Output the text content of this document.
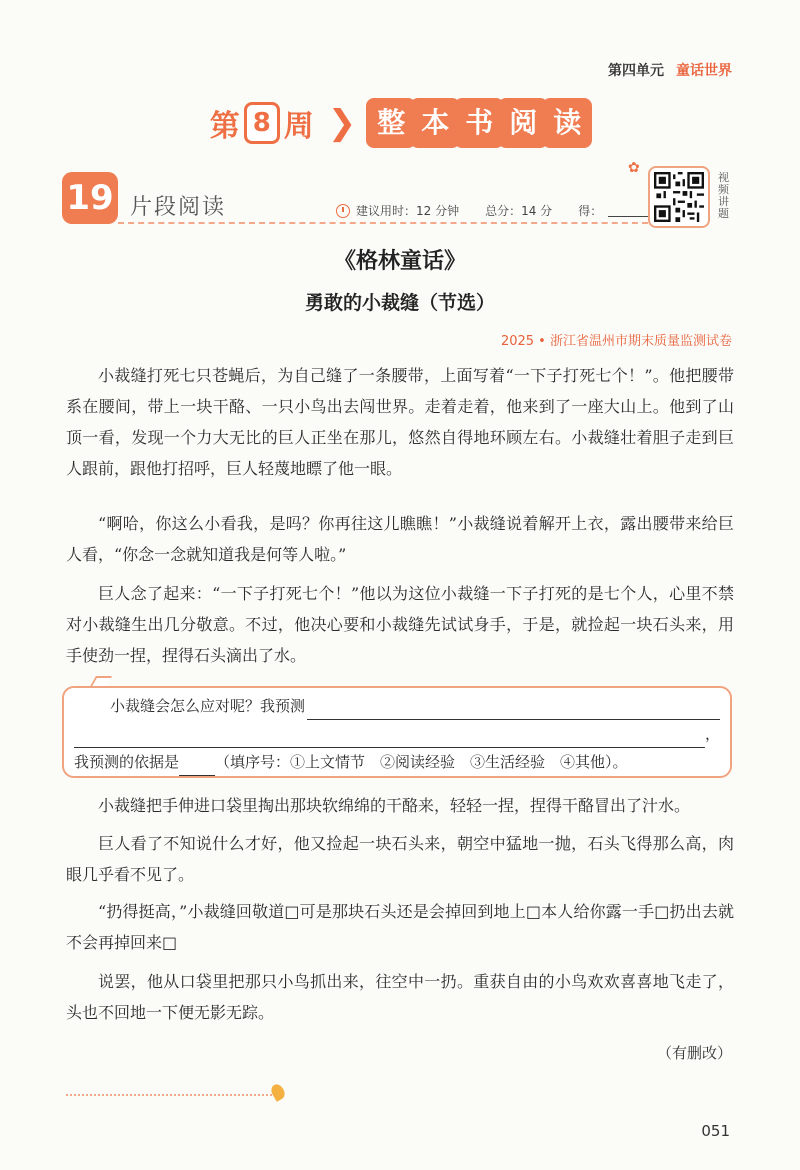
第四单元 童话世界
第 8 周 ❯ 整 本 书 阅 读
19 片段阅读	建议用时：12 分钟 总分：14 分 得：
✿
视频讲题
《格林童话》
勇敢的小裁缝（节选）
2025 • 浙江省温州市期末质量监测试卷

小裁缝打死七只苍蝇后，为自己缝了一条腰带，上面写着“一下子打死七个！”。他把腰带系在腰间，带上一块干酪、一只小鸟出去闯世界。走着走着，他来到了一座大山上。他到了山顶一看，发现一个力大无比的巨人正坐在那儿，悠然自得地环顾左右。小裁缝壮着胆子走到巨人跟前，跟他打招呼，巨人轻蔑地瞟了他一眼。

“啊哈，你这么小看我，是吗？你再往这儿瞧瞧！”小裁缝说着解开上衣，露出腰带来给巨人看，“你念一念就知道我是何等人啦。”

巨人念了起来：“一下子打死七个！”他以为这位小裁缝一下子打死的是七个人，心里不禁对小裁缝生出几分敬意。不过，他决心要和小裁缝先试试身手，于是，就捡起一块石头来，用手使劲一捏，捏得石头滴出了水。

小裁缝会怎么应对呢？我预测
，
我预测的依据是 （填序号：①上文情节　②阅读经验　③生活经验　④其他）。

小裁缝把手伸进口袋里掏出那块软绵绵的干酪来，轻轻一捏，捏得干酪冒出了汁水。

巨人看了不知说什么才好，他又捡起一块石头来，朝空中猛地一抛，石头飞得那么高，肉眼几乎看不见了。

“扔得挺高，”小裁缝回敬道□可是那块石头还是会掉回到地上□本人给你露一手□扔出去就不会再掉回来□

说罢，他从口袋里把那只小鸟抓出来，往空中一扔。重获自由的小鸟欢欢喜喜地飞走了，头也不回地一下便无影无踪。

（有删改）
051
